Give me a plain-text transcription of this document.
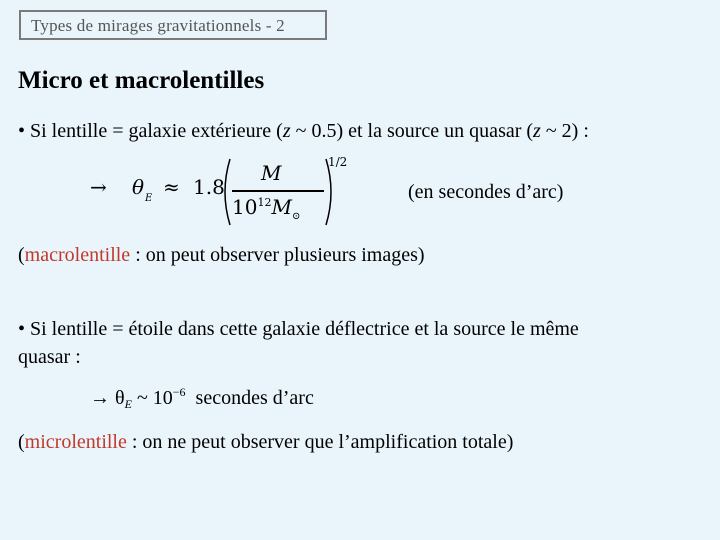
Types de mirages gravitationnels - 2
Micro et macrolentilles
• Si lentille = galaxie extérieure (z ~ 0.5) et la source un quasar (z ~ 2) :
→ θ E ≈ 1.8
M
$10^{12}M_⊙$
1/2
(en secondes d’arc)
(macrolentille : on peut observer plusieurs images)
• Si lentille = étoile dans cette galaxie déflectrice et la source le même
quasar :
→ $\theta_E$ ~ $10^{-6}$  secondes d’arc
(microlentille : on ne peut observer que l’amplification totale)
